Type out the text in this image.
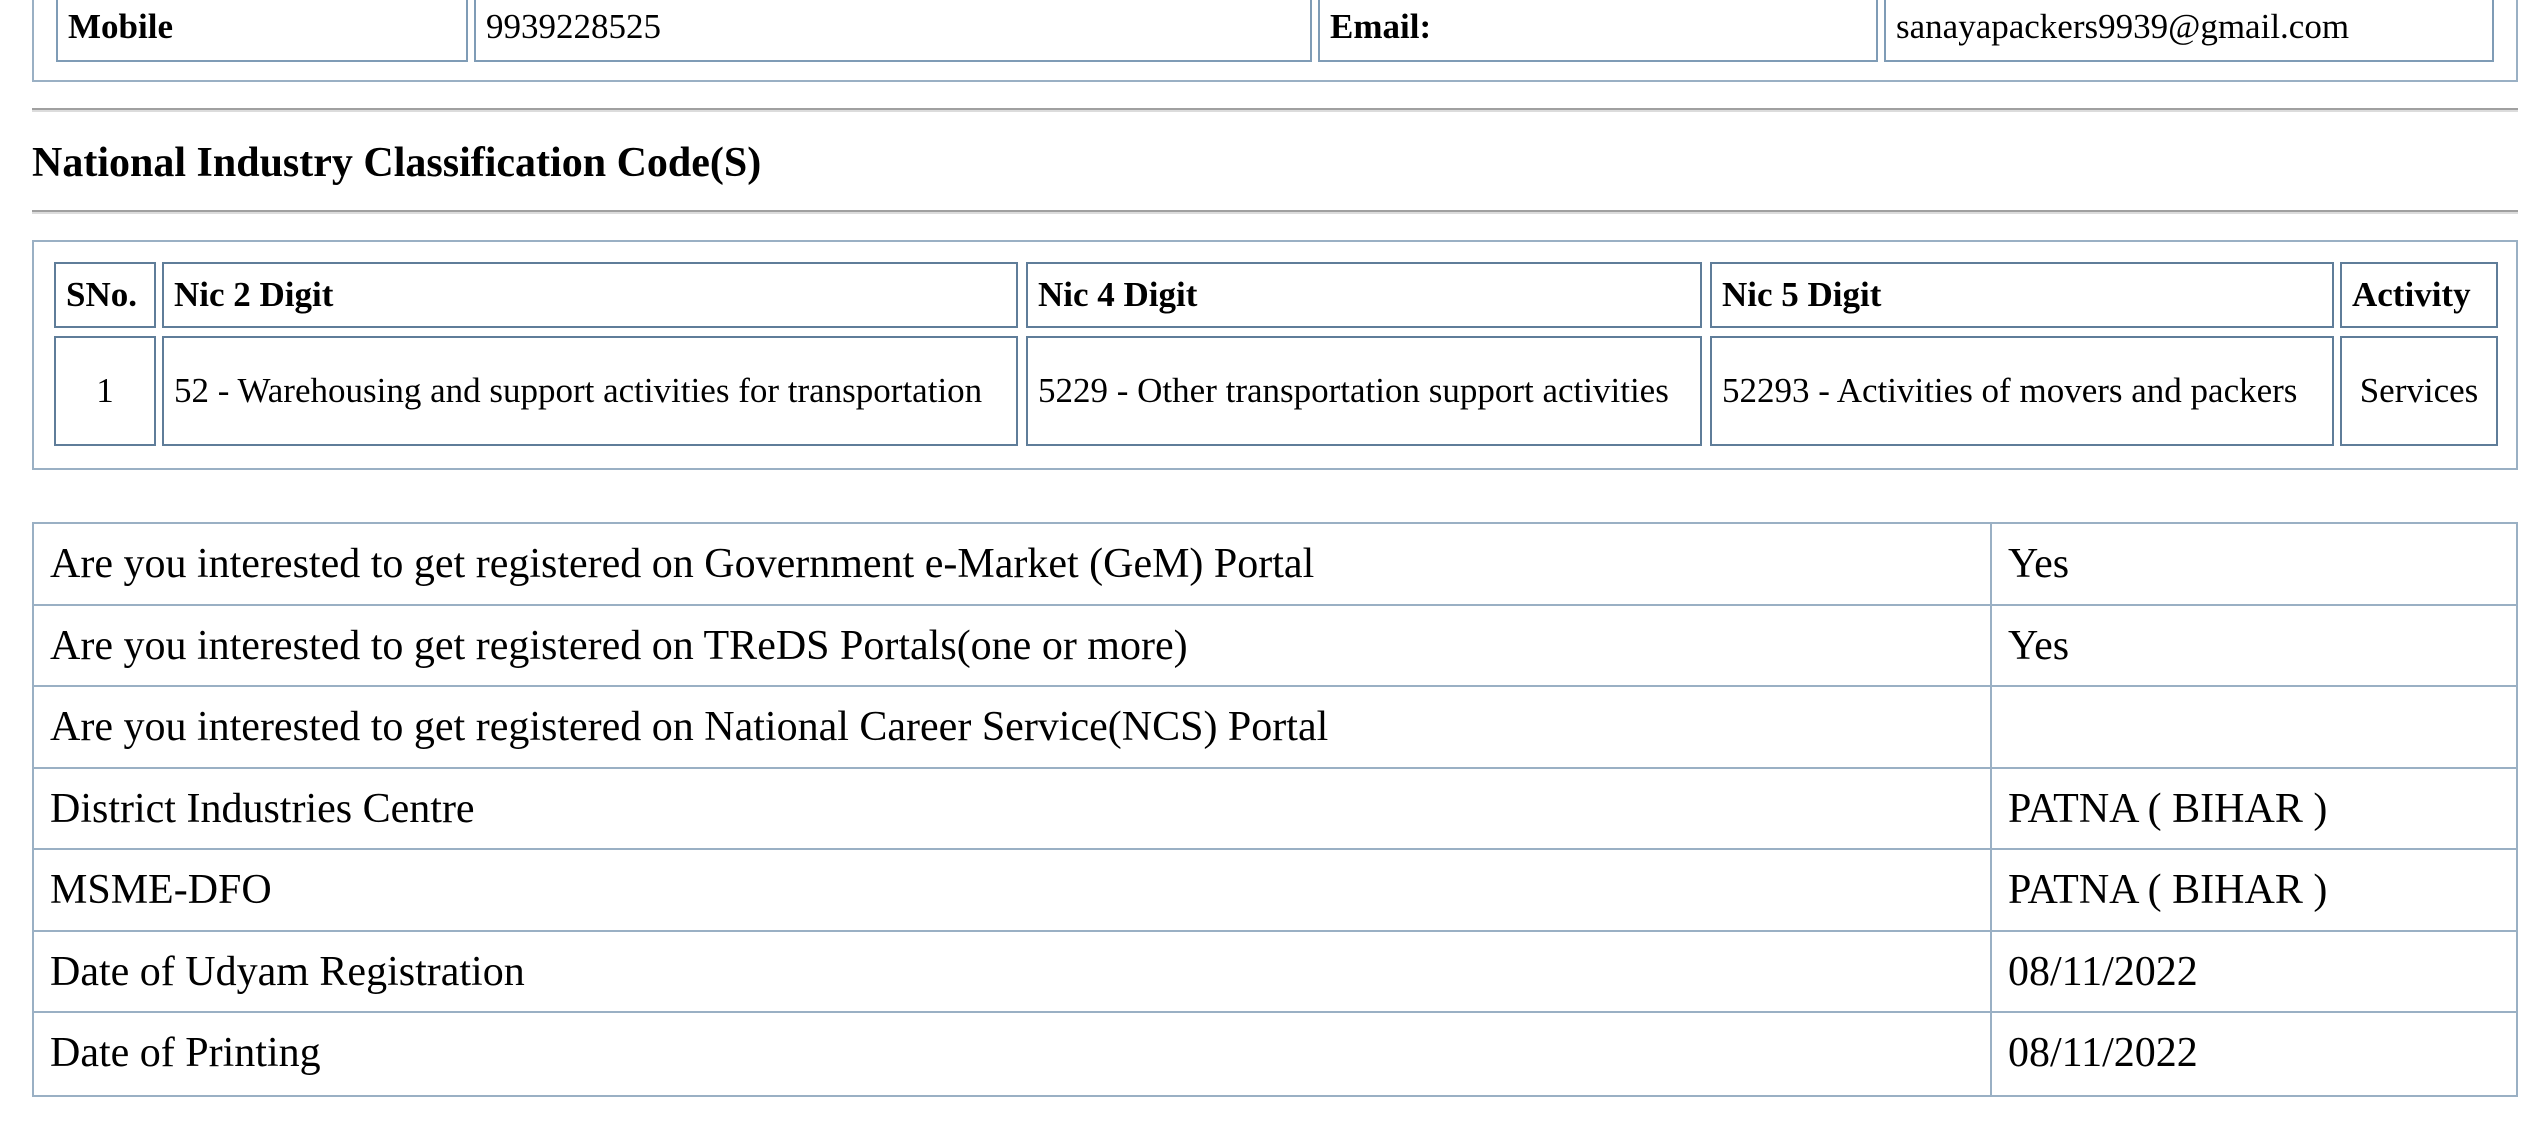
Mobile	9939228525	Email:	sanayapackers9939@gmail.com
National Industry Classification Code(S)
SNo.	Nic 2 Digit	Nic 4 Digit	Nic 5 Digit	Activity
1	52 - Warehousing and support activities for transportation	5229 - Other transportation support activities	52293 - Activities of movers and packers	Services
Are you interested to get registered on Government e-Market (GeM) Portal	Yes
Are you interested to get registered on TReDS Portals(one or more)	Yes
Are you interested to get registered on National Career Service(NCS) Portal
District Industries Centre	PATNA ( BIHAR )
MSME-DFO	PATNA ( BIHAR )
Date of Udyam Registration	08/11/2022
Date of Printing	08/11/2022
